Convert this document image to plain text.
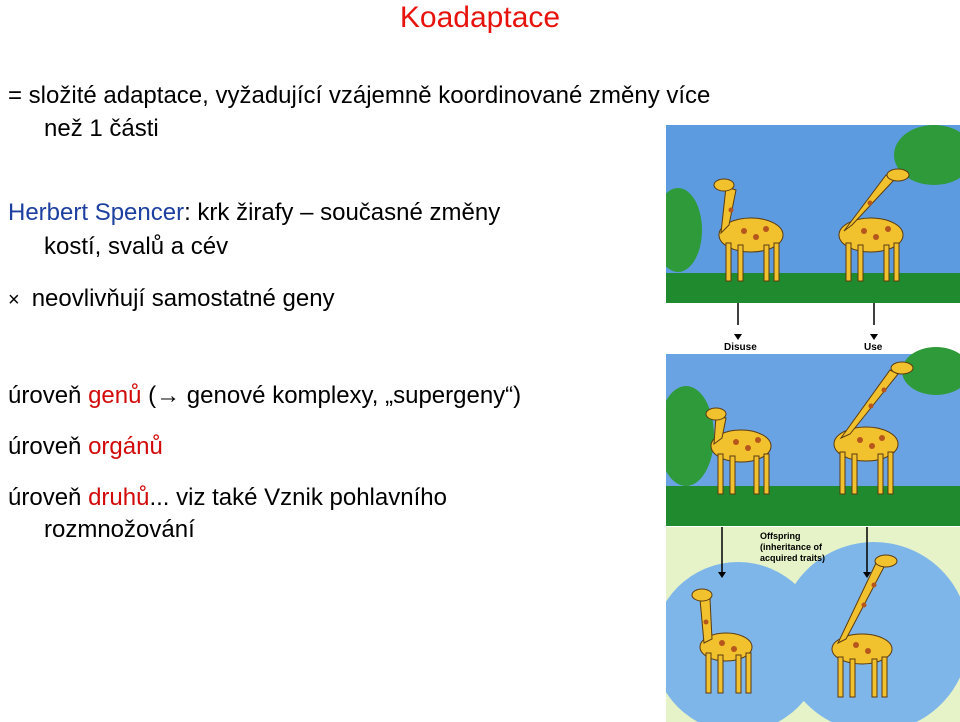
Koadaptace
= složité adaptace, vyžadující vzájemně koordinované změny více
než 1 části
Herbert Spencer: krk žirafy – současné změny
kostí, svalů a cév
× neovlivňují samostatné geny
úroveň genů (→ genové komplexy, „supergeny“)
úroveň orgánů
úroveň druhů... viz také Vznik pohlavního
rozmnožování
Disuse	Use
Offspring
(inheritance of
acquired traits)
